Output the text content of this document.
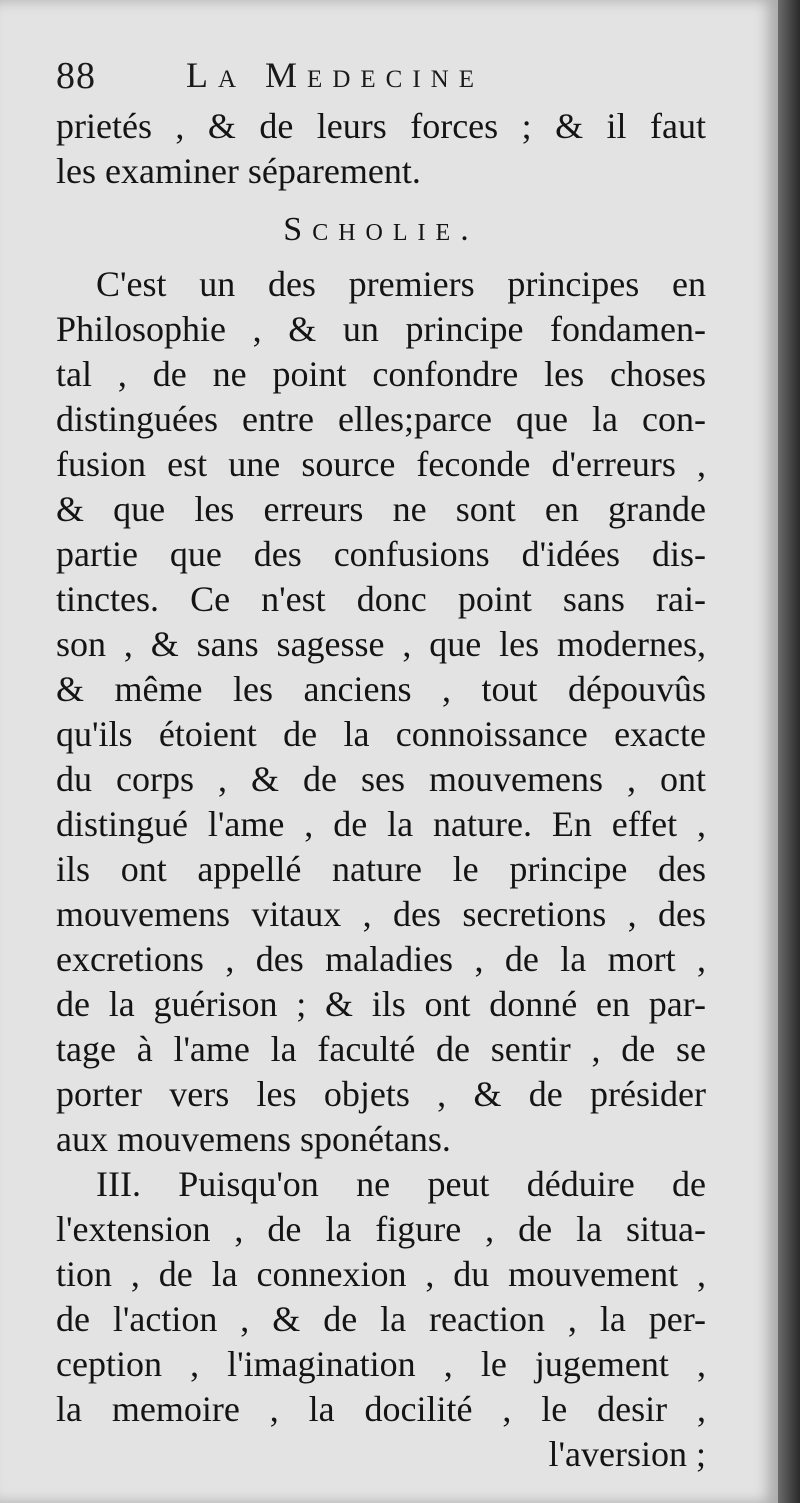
88	La Medecine

prietés , & de leurs forces ; & il faut
les examiner séparement.

Scholie.

C'est un des premiers principes en
Philosophie , & un principe fondamen-
tal , de ne point confondre les choses
distinguées entre elles;parce que la con-
fusion est une source feconde d'erreurs ,
& que les erreurs ne sont en grande
partie que des confusions d'idées dis-
tinctes. Ce n'est donc point sans rai-
son , & sans sagesse , que les modernes,
& même les anciens , tout dépouvûs
qu'ils étoient de la connoissance exacte
du corps , & de ses mouvemens , ont
distingué l'ame , de la nature. En effet ,
ils ont appellé nature le principe des
mouvemens vitaux , des secretions , des
excretions , des maladies , de la mort ,
de la guérison ; & ils ont donné en par-
tage à l'ame la faculté de sentir , de se
porter vers les objets , & de présider
aux mouvemens sponétans.

III. Puisqu'on ne peut déduire de
l'extension , de la figure , de la situa-
tion , de la connexion , du mouvement ,
de l'action , & de la reaction , la per-
ception , l'imagination , le jugement ,
la memoire , la docilité , le desir ,

l'aversion ;
